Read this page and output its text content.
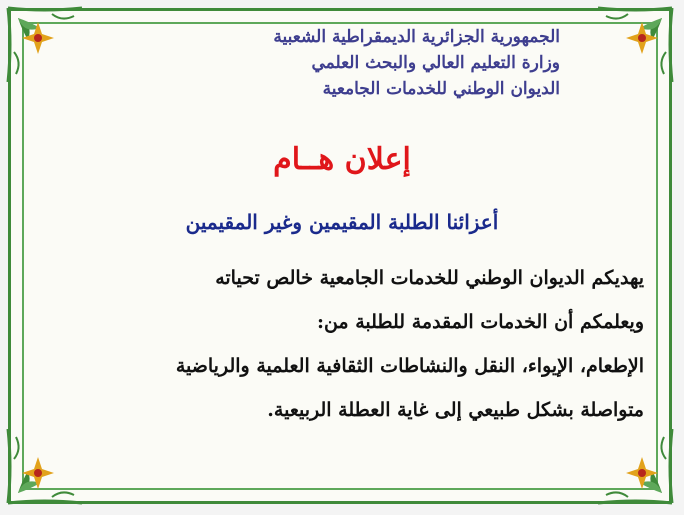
الجمهورية الجزائرية الديمقراطية الشعبية
وزارة التعليم العالي والبحث العلمي
الديوان الوطني للخدمات الجامعية
إعلان هــام
أعزائنا الطلبة المقيمين وغير المقيمين
يهديكم الديوان الوطني للخدمات الجامعية خالص تحياته
ويعلمكم أن الخدمات المقدمة للطلبة من:
الإطعام، الإيواء، النقل والنشاطات الثقافية العلمية والرياضية
متواصلة بشكل طبيعي إلى غاية العطلة الربيعية.
